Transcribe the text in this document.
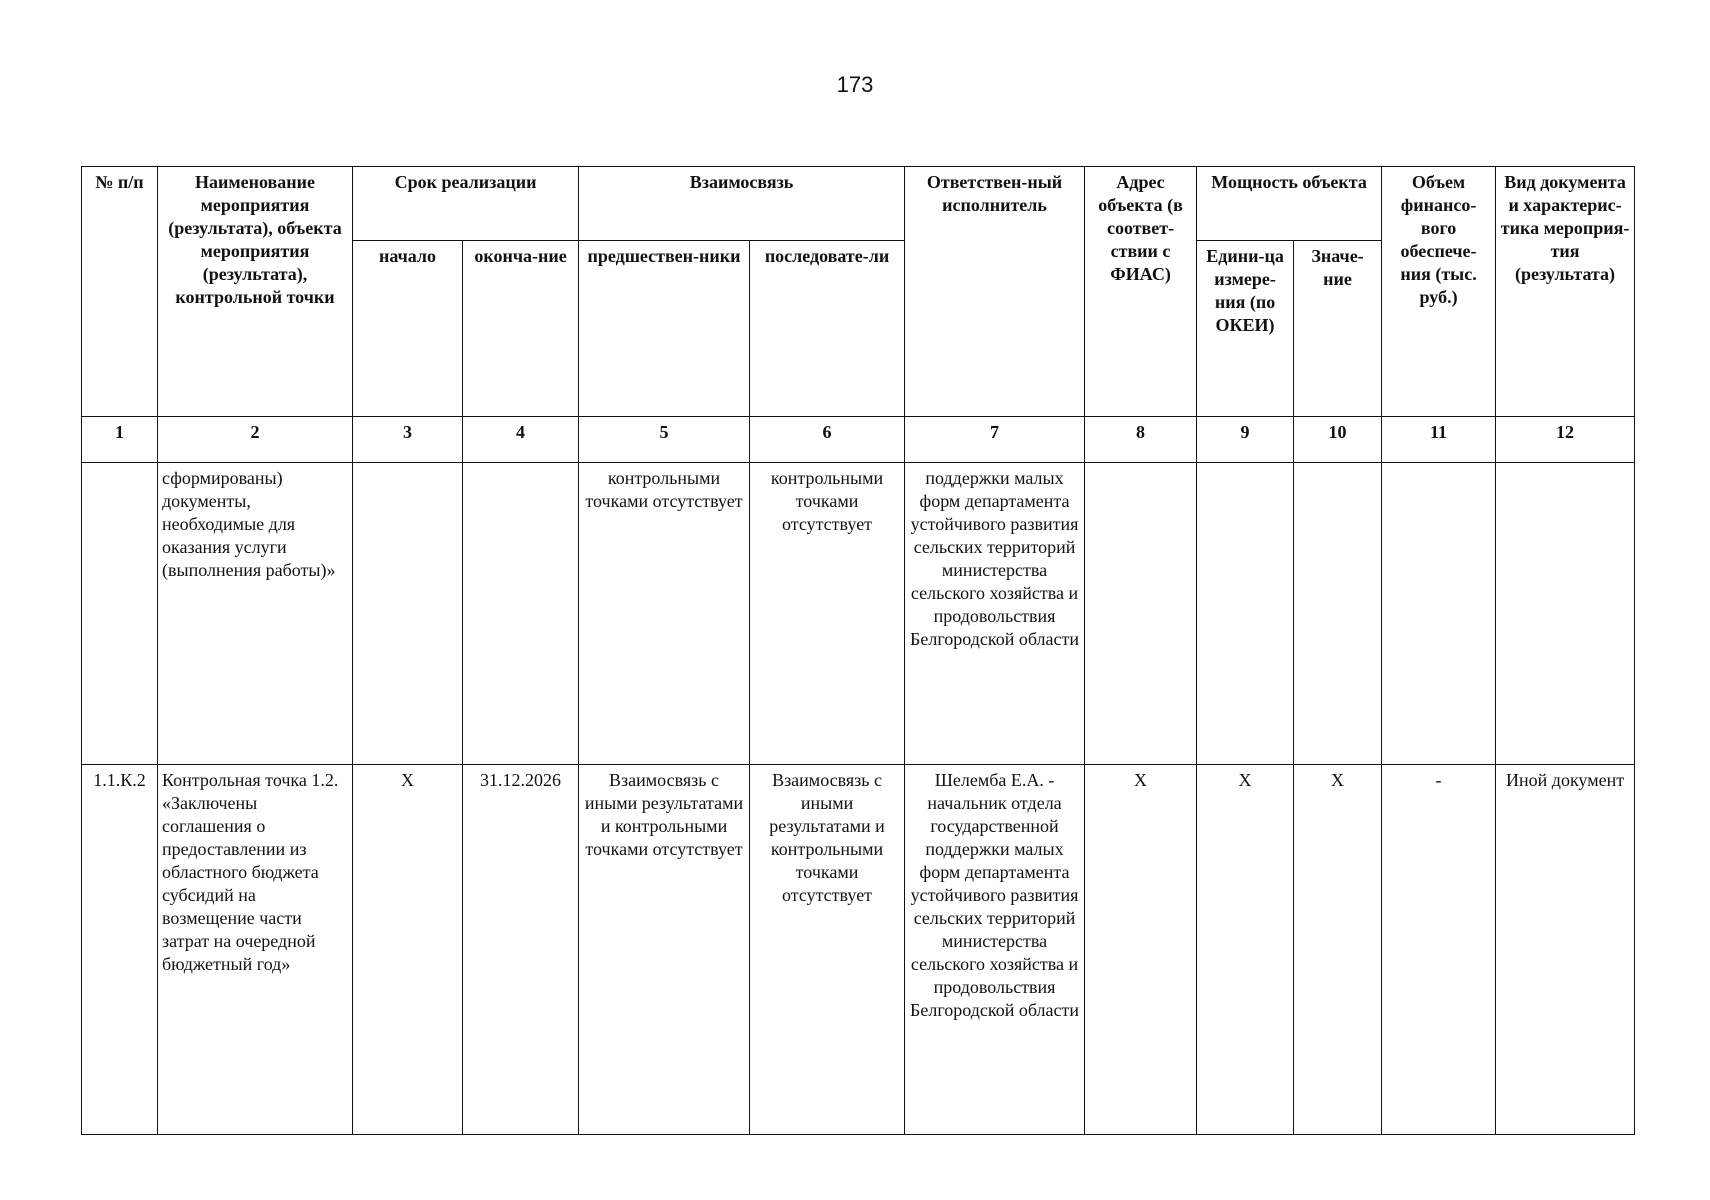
173
№ п/п	Наименование мероприятия (результата), объекта мероприятия (результата), контрольной точки	Срок реализации		Взаимосвязь		Ответствен-ный исполнитель	Адрес объекта (в соответ-ствии с ФИАС)	Мощность объекта		Объем финансо-вого обеспече-ния (тыс. руб.)	Вид документа и характерис-тика мероприя-тия (результата)
		начало	оконча-ние	предшествен-ники	последовате-ли			Едини-ца измере-ния (по ОКЕИ)	Значе-ние		
1	2	3	4	5	6	7	8	9	10	11	12
	сформированы) документы, необходимые для оказания услуги (выполнения работы)»			контрольными точками отсутствует	контрольными точками отсутствует	поддержки малых форм департамента устойчивого развития сельских территорий министерства сельского хозяйства и продовольствия Белгородской области					
1.1.К.2	Контрольная точка 1.2. «Заключены соглашения о предоставлении из областного бюджета субсидий на возмещение части затрат на очередной бюджетный год»	X	31.12.2026	Взаимосвязь с иными результатами и контрольными точками отсутствует	Взаимосвязь с иными результатами и контрольными точками отсутствует	Шелемба Е.А. - начальник отдела государственной поддержки малых форм департамента устойчивого развития сельских территорий министерства сельского хозяйства и продовольствия Белгородской области	X	X	X	-	Иной документ
